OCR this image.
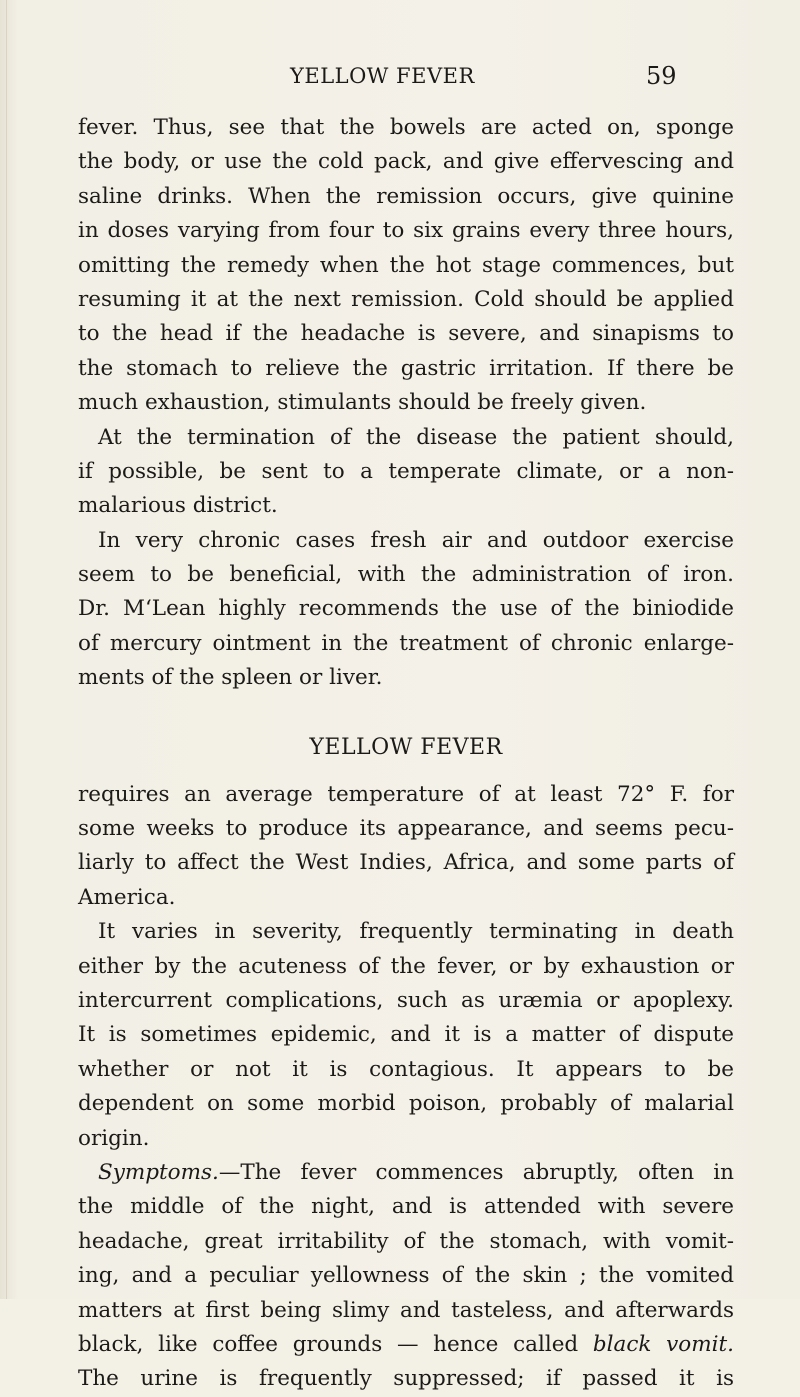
YELLOW FEVER	59
fever. Thus, see that the bowels are acted on, sponge
the body, or use the cold pack, and give effervescing and
saline drinks. When the remission occurs, give quinine
in doses varying from four to six grains every three hours,
omitting the remedy when the hot stage commences, but
resuming it at the next remission. Cold should be applied
to the head if the headache is severe, and sinapisms to
the stomach to relieve the gastric irritation. If there be
much exhaustion, stimulants should be freely given.
At the termination of the disease the patient should,
if possible, be sent to a temperate climate, or a non-
malarious district.
In very chronic cases fresh air and outdoor exercise
seem to be beneficial, with the administration of iron.
Dr. M‘Lean highly recommends the use of the biniodide
of mercury ointment in the treatment of chronic enlarge-
ments of the spleen or liver.
YELLOW FEVER
requires an average temperature of at least 72° F. for
some weeks to produce its appearance, and seems pecu-
liarly to affect the West Indies, Africa, and some parts of
America.
It varies in severity, frequently terminating in death
either by the acuteness of the fever, or by exhaustion or
intercurrent complications, such as uræmia or apoplexy.
It is sometimes epidemic, and it is a matter of dispute
whether or not it is contagious. It appears to be
dependent on some morbid poison, probably of malarial
origin.
Symptoms.—The fever commences abruptly, often in
the middle of the night, and is attended with severe
headache, great irritability of the stomach, with vomit-
ing, and a peculiar yellowness of the skin ; the vomited
matters at first being slimy and tasteless, and afterwards
black, like coffee grounds — hence called black vomit.
The urine is frequently suppressed; if passed it is
